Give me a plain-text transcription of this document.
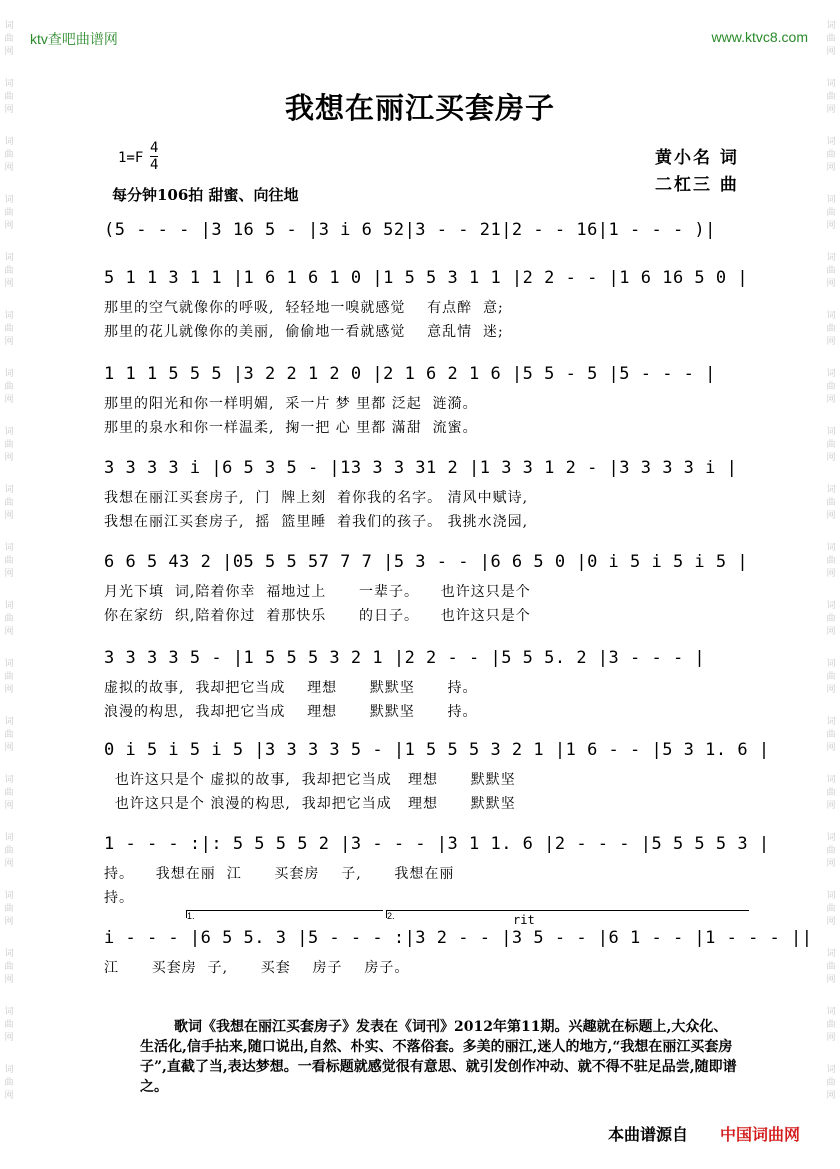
词
曲
网
词
曲
网
词
曲
网
词
曲
网
词
曲
网
词
曲
网
词
曲
网
词
曲
网
词
曲
网
词
曲
网
词
曲
网
词
曲
网
词
曲
网
词
曲
网
词
曲
网
词
曲
网
词
曲
网
词
曲
网
词
曲
网
词
曲
网
词
曲
网
词
曲
网
词
曲
网
词
曲
网
词
曲
网
词
曲
网
词
曲
网
词
曲
网
词
曲
网
词
曲
网
词
曲
网
词
曲
网
词
曲
网
词
曲
网
词
曲
网
词
曲
网
词
曲
网
词
曲
网
ktv查吧曲谱网	www.ktvc8.com
我想在丽江买套房子
1=F
4
4
每分钟106拍 甜蜜、向往地
黄小名 词
二杠三 曲
(5 - - - |3 16 5 - |3 i 6 52|3 - - 21|2 - - 16|1 - - - )|
5 1 1 3 1 1 |1 6 1 6 1 0 |1 5 5 3 1 1 |2 2 - - |1 6 16 5 0 |
那里的空气就像你的呼吸,  轻轻地一嗅就感觉    有点醉  意;
那里的花儿就像你的美丽,  偷偷地一看就感觉    意乱情  迷;
1 1 1 5 5 5 |3 2 2 1 2 0 |2 1 6 2 1 6 |5 5 - 5 |5 - - - |
那里的阳光和你一样明媚,  采一片 梦 里都 泛起  涟漪。
那里的泉水和你一样温柔,  掬一把 心 里都 滿甜  流蜜。
3 3 3 3 i |6 5 3 5 - |13 3 3 31 2 |1 3 3 1 2 - |3 3 3 3 i |
我想在丽江买套房子,  门  牌上刻  着你我的名字。 清风中赋诗,
我想在丽江买套房子,  摇  篮里睡  着我们的孩子。 我挑水浇园,
6 6 5 43 2 |05 5 5 57 7 7 |5 3 - - |6 6 5 0 |0 i 5 i 5 i 5 |
月光下填  词,陪着你幸  福地过上      一辈子。    也许这只是个
你在家纺  织,陪着你过  着那快乐      的日子。    也许这只是个
3 3 3 3 5 - |1 5 5 5 3 2 1 |2 2 - - |5 5 5. 2 |3 - - - |
虚拟的故事,  我却把它当成    理想      默默坚      持。
浪漫的构思,  我却把它当成    理想      默默坚      持。
0 i 5 i 5 i 5 |3 3 3 3 5 - |1 5 5 5 3 2 1 |1 6 - - |5 3 1. 6 |
也许这只是个 虚拟的故事,  我却把它当成   理想      默默坚
也许这只是个 浪漫的构思,  我却把它当成   理想      默默坚
1 - - - :|: 5 5 5 5 2 |3 - - - |3 1 1. 6 |2 - - - |5 5 5 5 3 |
持。    我想在丽  江      买套房    子,      我想在丽
持。
i - - - |6 5 5. 3 |5 - - - :|3 2 - - |3 5 - - |6 1 - - |1 - - - ||
江      买套房  子,      买套    房子    房子。
1.	2.	rit
歌词《我想在丽江买套房子》发表在《词刊》2012年第11期。兴趣就在标题上,大众化、生活化,信手拈来,随口说出,自然、朴实、不落俗套。多美的丽江,迷人的地方,“我想在丽江买套房子”,直截了当,表达梦想。一看标题就感觉很有意思、就引发创作冲动、就不得不驻足品尝,随即谱之。
本曲谱源自 中国词曲网
